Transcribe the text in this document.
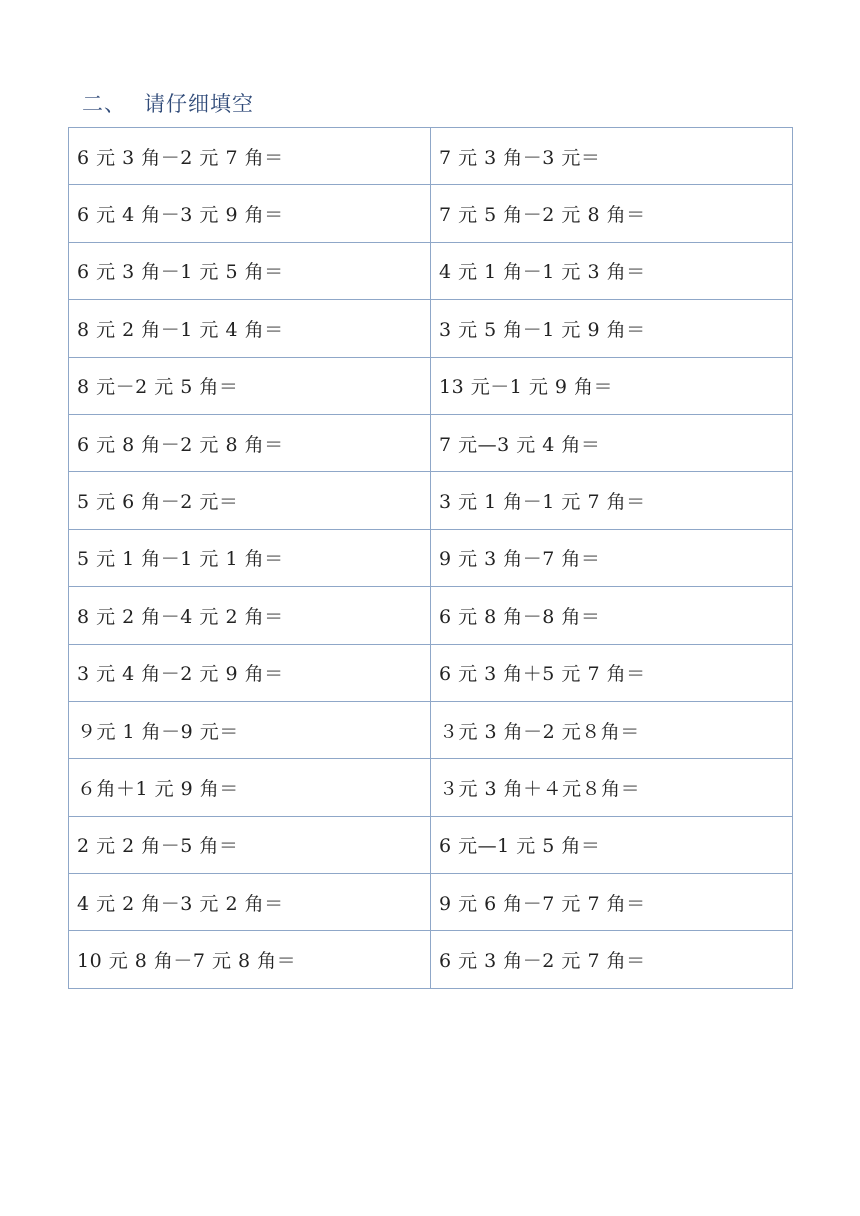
二、 请仔细填空
6 元 3 角－2 元 7 角＝	7 元 3 角－3 元＝
6 元 4 角－3 元 9 角＝	7 元 5 角－2 元 8 角＝
6 元 3 角－1 元 5 角＝	4 元 1 角－1 元 3 角＝
8 元 2 角－1 元 4 角＝	3 元 5 角－1 元 9 角＝
8 元－2 元 5 角＝	13 元－1 元 9 角＝
6 元 8 角－2 元 8 角＝	7 元—3 元 4 角＝
5 元 6 角－2 元＝	3 元 1 角－1 元 7 角＝
5 元 1 角－1 元 1 角＝	9 元 3 角－7 角＝
8 元 2 角－4 元 2 角＝	6 元 8 角－8 角＝
3 元 4 角－2 元 9 角＝	6 元 3 角＋5 元 7 角＝
９元 1 角－9 元＝	３元 3 角－2 元８角＝
６角＋1 元 9 角＝	３元 3 角＋４元８角＝
2 元 2 角－5 角＝	6 元—1 元 5 角＝
4 元 2 角－3 元 2 角＝	9 元 6 角－7 元 7 角＝
10 元 8 角－7 元 8 角＝	6 元 3 角－2 元 7 角＝
